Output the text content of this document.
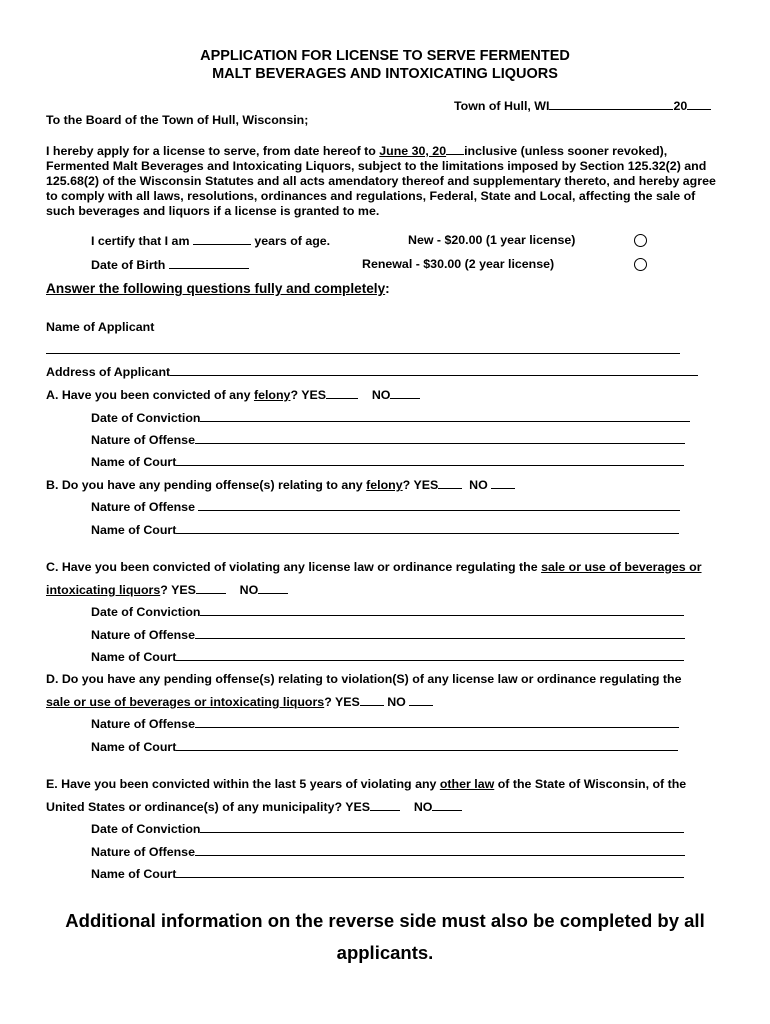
APPLICATION FOR LICENSE TO SERVE FERMENTED
MALT BEVERAGES AND INTOXICATING LIQUORS
Town of Hull, WI	20
To the Board of the Town of Hull, Wisconsin;
I hereby apply for a license to serve, from date hereof to June 30, 20 inclusive (unless sooner revoked), Fermented Malt Beverages and Intoxicating Liquors, subject to the limitations imposed by Section 125.32(2) and 125.68(2) of the Wisconsin Statutes and all acts amendatory thereof and supplementary thereto, and hereby agree to comply with all laws, resolutions, ordinances and regulations, Federal, State and Local, affecting the sale of such beverages and liquors if a license is granted to me.
I certify that I am	years of age.	New - $20.00 (1 year license)
Date of Birth	Renewal - $30.00 (2 year license)
Answer the following questions fully and completely:
Name of Applicant
Address of Applicant
A. Have you been convicted of any felony? YES	NO
Date of Conviction
Nature of Offense
Name of Court
B. Do you have any pending offense(s) relating to any felony? YES NO
Nature of Offense
Name of Court
C. Have you been convicted of violating any license law or ordinance regulating the sale or use of beverages or
intoxicating liquors? YES	NO
Date of Conviction
Nature of Offense
Name of Court
D. Do you have any pending offense(s) relating to violation(S) of any license law or ordinance regulating the
sale or use of beverages or intoxicating liquors? YES NO
Nature of Offense
Name of Court
E. Have you been convicted within the last 5 years of violating any other law of the State of Wisconsin, of the
United States or ordinance(s) of any municipality? YES	NO
Date of Conviction
Nature of Offense
Name of Court
Additional information on the reverse side must also be completed by all
applicants.
